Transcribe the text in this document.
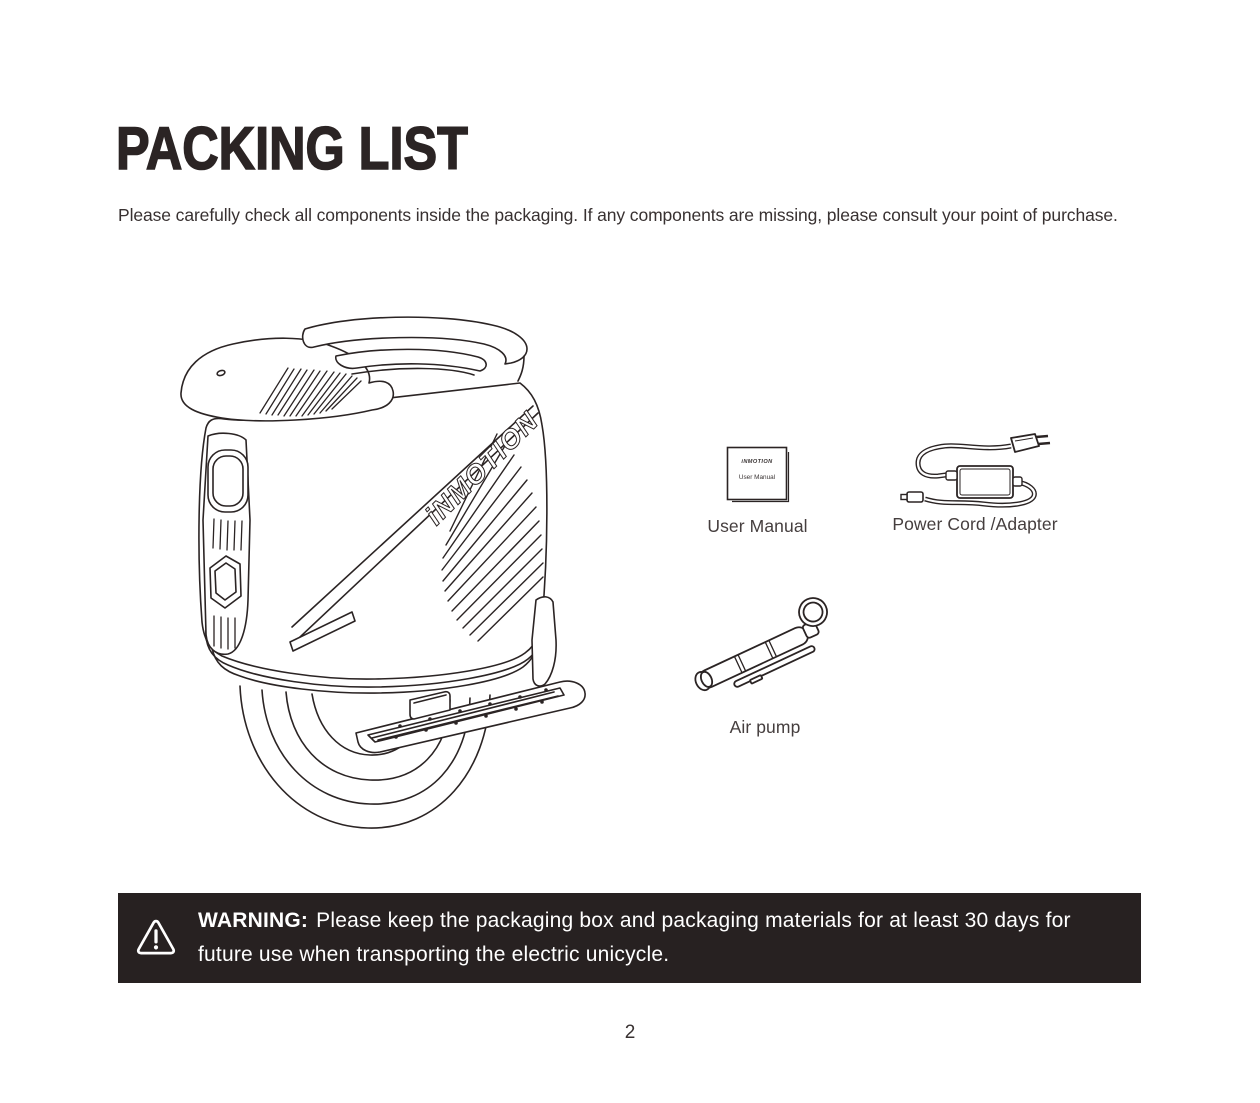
PACKING LIST

Please carefully check all components inside the packaging. If any components are missing, please consult your point of purchase.

iNMOTION	iNMOTION
User Manual
User Manual	Power Cord /Adapter
Air pump

WARNING: Please keep the packaging box and packaging materials for at least 30 days for future use when transporting the electric unicycle.

2
